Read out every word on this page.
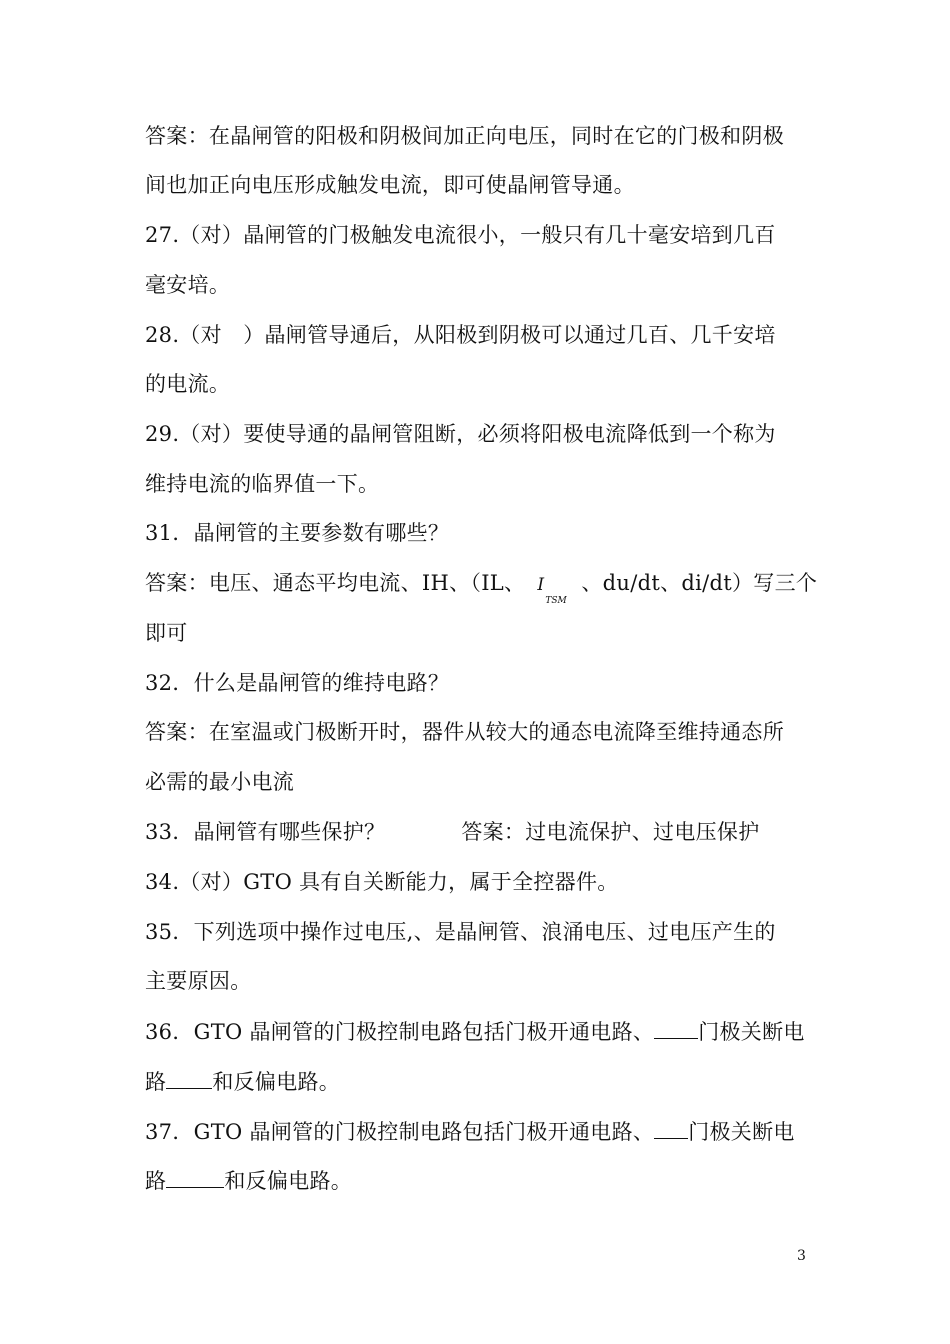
答案：在晶闸管的阳极和阴极间加正向电压，同时在它的门极和阴极
间也加正向电压形成触发电流，即可使晶闸管导通。
27.（对）晶闸管的门极触发电流很小，一般只有几十毫安培到几百
毫安培。
28.（对　）晶闸管导通后，从阳极到阴极可以通过几百、几千安培
的电流。
29.（对）要使导通的晶闸管阻断，必须将阳极电流降低到一个称为
维持电流的临界值一下。
31．晶闸管的主要参数有哪些？
答案：电压、通态平均电流、IH、（IL、 I
TSM
、du/dt、di/dt）写三个
即可
32．什么是晶闸管的维持电路？
答案：在室温或门极断开时，器件从较大的通态电流降至维持通态所
必需的最小电流
33．晶闸管有哪些保护？	答案：过电流保护、过电压保护
34.（对）GTO 具有自关断能力，属于全控器件。
35．下列选项中操作过电压,、是晶闸管、浪涌电压、过电压产生的
主要原因。
36．GTO 晶闸管的门极控制电路包括门极开通电路、 门极关断电
路 和反偏电路。
37．GTO 晶闸管的门极控制电路包括门极开通电路、 门极关断电
路	和反偏电路。
3
